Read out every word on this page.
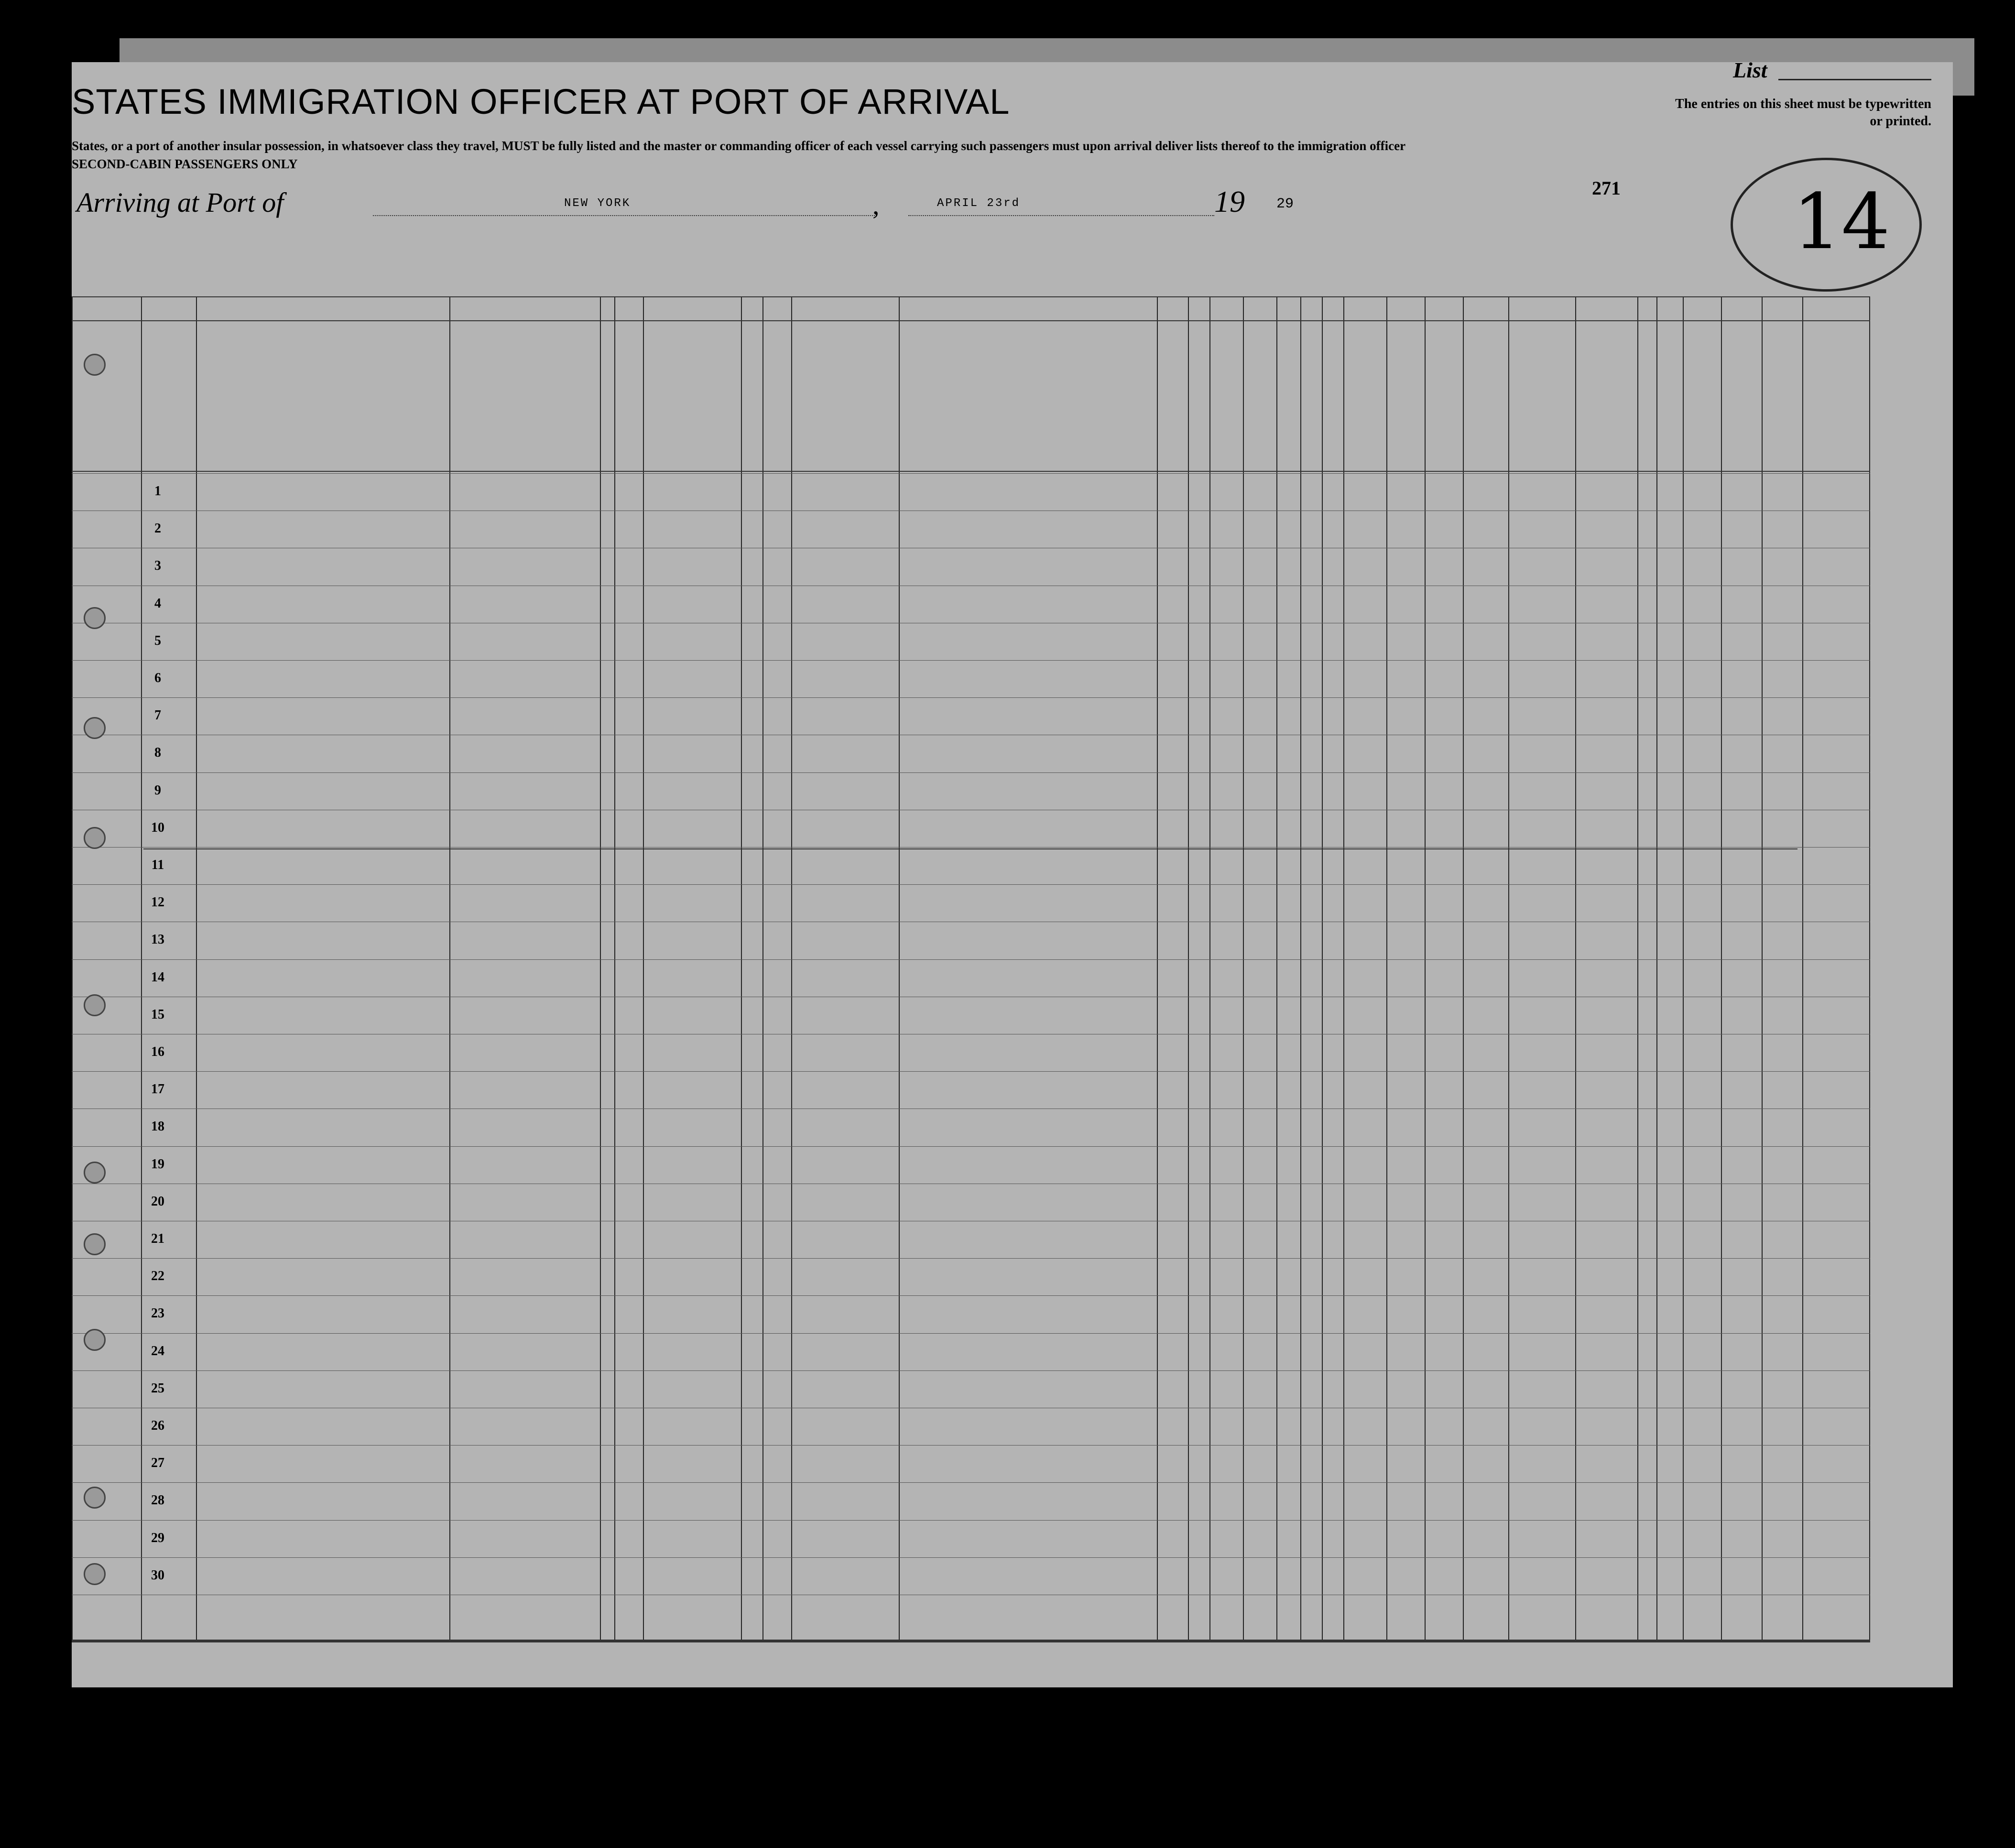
List
The entries on this sheet must be typewritten or printed.
14
STATES IMMIGRATION OFFICER AT PORT OF ARRIVAL
States, or a port of another insular possession, in whatsoever class they travel, MUST be fully listed and the master or commanding officer of each vessel carrying such passengers must upon arrival deliver lists thereof to the immigration officer
SECOND-CABIN PASSENGERS ONLY
271
Arriving at Port of	NEW YORK	,	APRIL 23rd	19 29
1
2
3
4
5
6
7
8
9
10
11
12
13
14
15
16
17
18
19
20
21
22
23
24
25
26
27
28
29
30
NOTE.—Full text of question 28 is as follows: Whether a person who believes in or advocates the overthrow by force or violence of the Government of the United States or of all forms of law, or who disbelieves in or is opposed to organized government, or who advocates the assassination of public officials, or who advocates or teaches the unlawful destruction of property, or is a member of or affiliated with any organization entertaining and teaching disbelief in or opposition to organized government or which teaches the unlawful destruction of property, or who advocates or teaches the duty, necessity, or propriety of the unlawful assaulting or killing of any officer or officers, either of specific individuals or of officers generally, of the Government of the United States or of any other organized government because of his or their official character.
14—430
